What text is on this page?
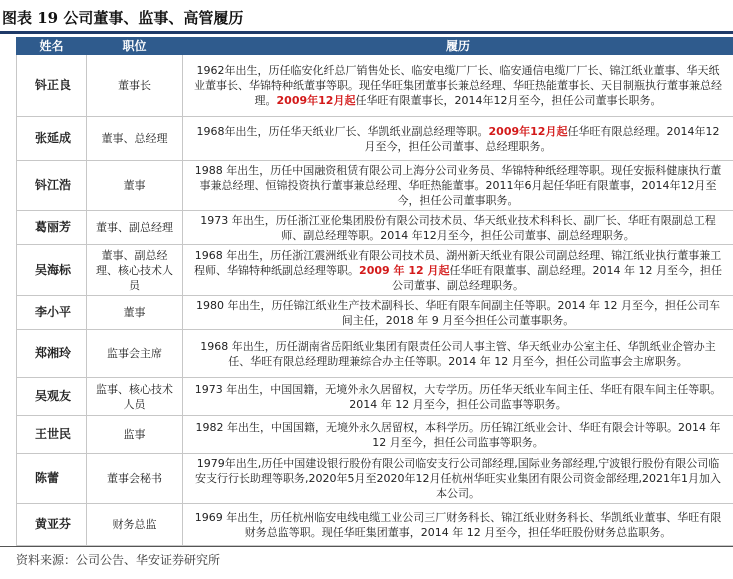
图表 19 公司董事、监事、高管履历
姓名	职位	履历
钭正良	董事长	1962年出生，历任临安化纤总厂销售处长、临安电缆厂厂长、临安通信电缆厂厂长、锦江纸业董事、华天纸业董事长、华锦特种纸董事等职。现任华旺集团董事长兼总经理、华旺热能董事长、天目制瓶执行董事兼总经理。2009年12月起任华旺有限董事长，2014年12月至今，担任公司董事长职务。
张延成	董事、总经理	1968年出生，历任华天纸业厂长、华凯纸业副总经理等职。2009年12月起任华旺有限总经理。2014年12月至今，担任公司董事、总经理职务。
钭江浩	董事	1988 年出生，历任中国融资租赁有限公司上海分公司业务员、华锦特种纸经理等职。现任安振科健康执行董事兼总经理、恒锦投资执行董事兼总经理、华旺热能董事。2011年6月起任华旺有限董事，2014年12月至今，担任公司董事职务。
葛丽芳	董事、副总经理	1973 年出生，历任浙江亚伦集团股份有限公司技术员、华天纸业技术科科长、副厂长、华旺有限副总工程师、副总经理等职。2014 年12月至今，担任公司董事、副总经理职务。
吴海标	董事、副总经理、核心技术人员	1968 年出生，历任浙江震洲纸业有限公司技术员、湖州新天纸业有限公司副总经理、锦江纸业执行董事兼工程师、华锦特种纸副总经理等职。2009 年 12 月起任华旺有限董事、副总经理。2014 年 12 月至今，担任公司董事、副总经理职务。
李小平	董事	1980 年出生，历任锦江纸业生产技术副科长、华旺有限车间副主任等职。2014 年 12 月至今，担任公司车间主任，2018 年 9 月至今担任公司董事职务。
郑湘玲	监事会主席	1968 年出生，历任湖南省岳阳纸业集团有限责任公司人事主管、华天纸业办公室主任、华凯纸业企管办主任、华旺有限总经理助理兼综合办主任等职。2014 年 12 月至今，担任公司监事会主席职务。
吴观友	监事、核心技术人员	1973 年出生，中国国籍，无境外永久居留权，大专学历。历任华天纸业车间主任、华旺有限车间主任等职。2014 年 12 月至今，担任公司监事等职务。
王世民	监事	1982 年出生，中国国籍，无境外永久居留权，本科学历。历任锦江纸业会计、华旺有限会计等职。2014 年 12 月至今，担任公司监事等职务。
陈蕾	董事会秘书	1979年出生,历任中国建设银行股份有限公司临安支行公司部经理,国际业务部经理,宁波银行股份有限公司临安支行行长助理等职务,2020年5月至2020年12月任杭州华旺实业集团有限公司资金部经理,2021年1月加入本公司。
黄亚芬	财务总监	1969 年出生，历任杭州临安电线电缆工业公司三厂财务科长、锦江纸业财务科长、华凯纸业董事、华旺有限财务总监等职。现任华旺集团董事，2014 年 12 月至今，担任华旺股份财务总监职务。
资料来源：公司公告、华安证券研究所
